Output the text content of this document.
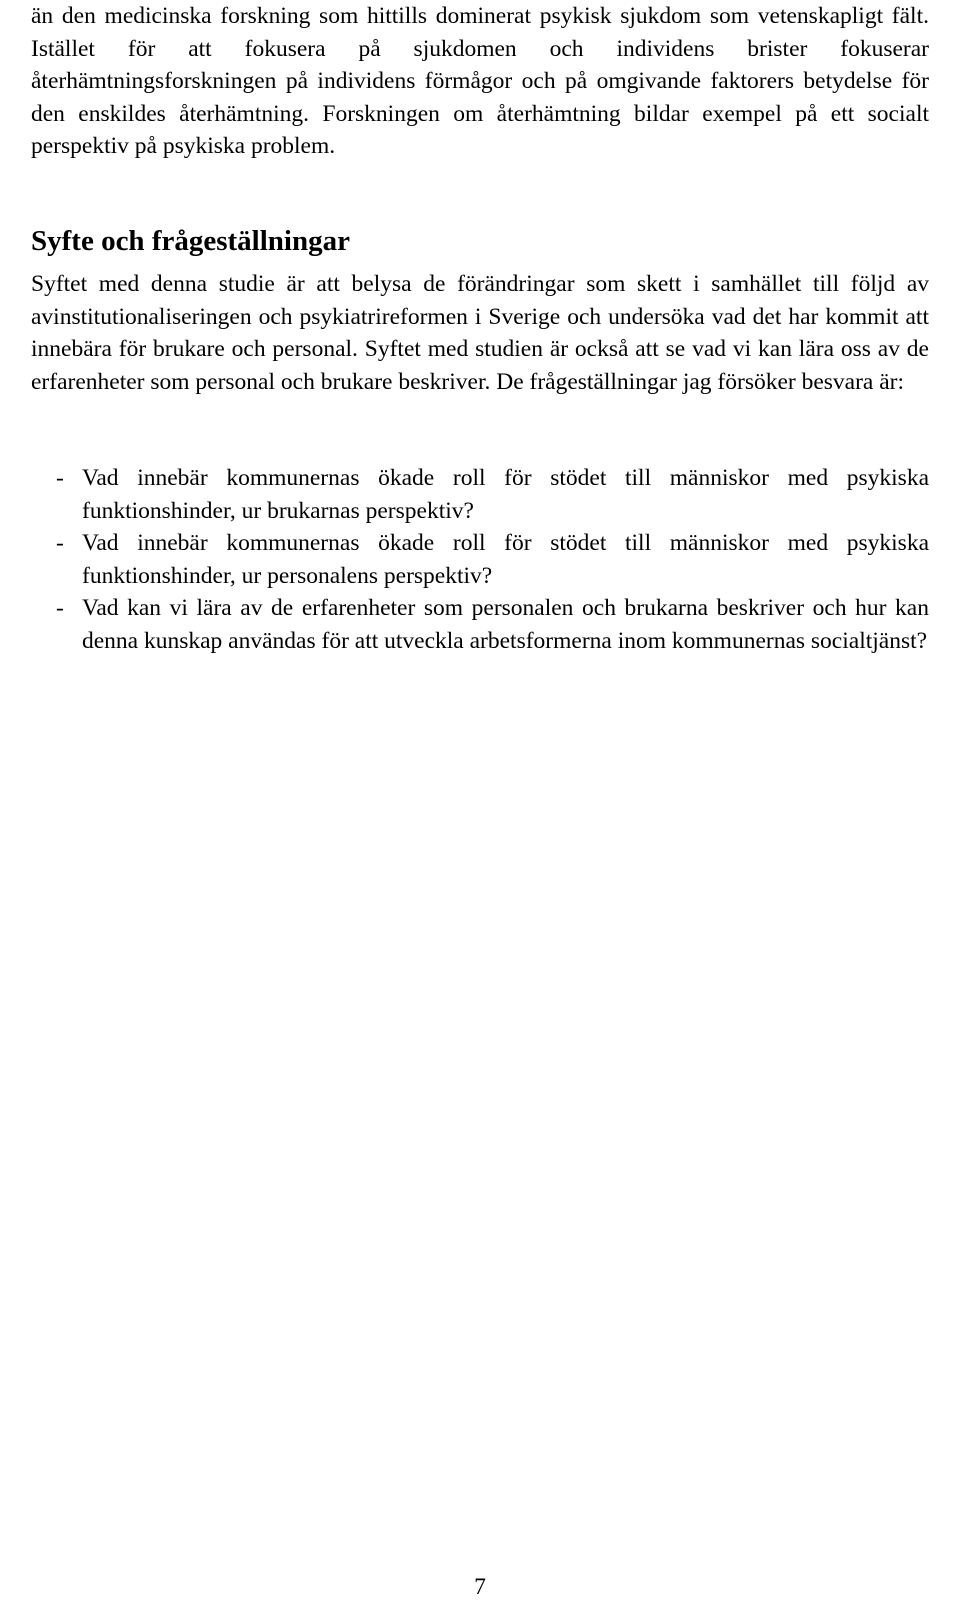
än den medicinska forskning som hittills dominerat psykisk sjukdom som vetenskapligt fält. Istället för att fokusera på sjukdomen och individens brister fokuserar återhämtningsforskningen på individens förmågor och på omgivande faktorers betydelse för den enskildes återhämtning. Forskningen om återhämtning bildar exempel på ett socialt perspektiv på psykiska problem.

Syfte och frågeställningar

Syftet med denna studie är att belysa de förändringar som skett i samhället till följd av avinstitutionaliseringen och psykiatrireformen i Sverige och undersöka vad det har kommit att innebära för brukare och personal. Syftet med studien är också att se vad vi kan lära oss av de erfarenheter som personal och brukare beskriver. De frågeställningar jag försöker besvara är:

- Vad innebär kommunernas ökade roll för stödet till människor med psykiska funktionshinder, ur brukarnas perspektiv?
- Vad innebär kommunernas ökade roll för stödet till människor med psykiska funktionshinder, ur personalens perspektiv?
- Vad kan vi lära av de erfarenheter som personalen och brukarna beskriver och hur kan denna kunskap användas för att utveckla arbetsformerna inom kommunernas socialtjänst?
7
